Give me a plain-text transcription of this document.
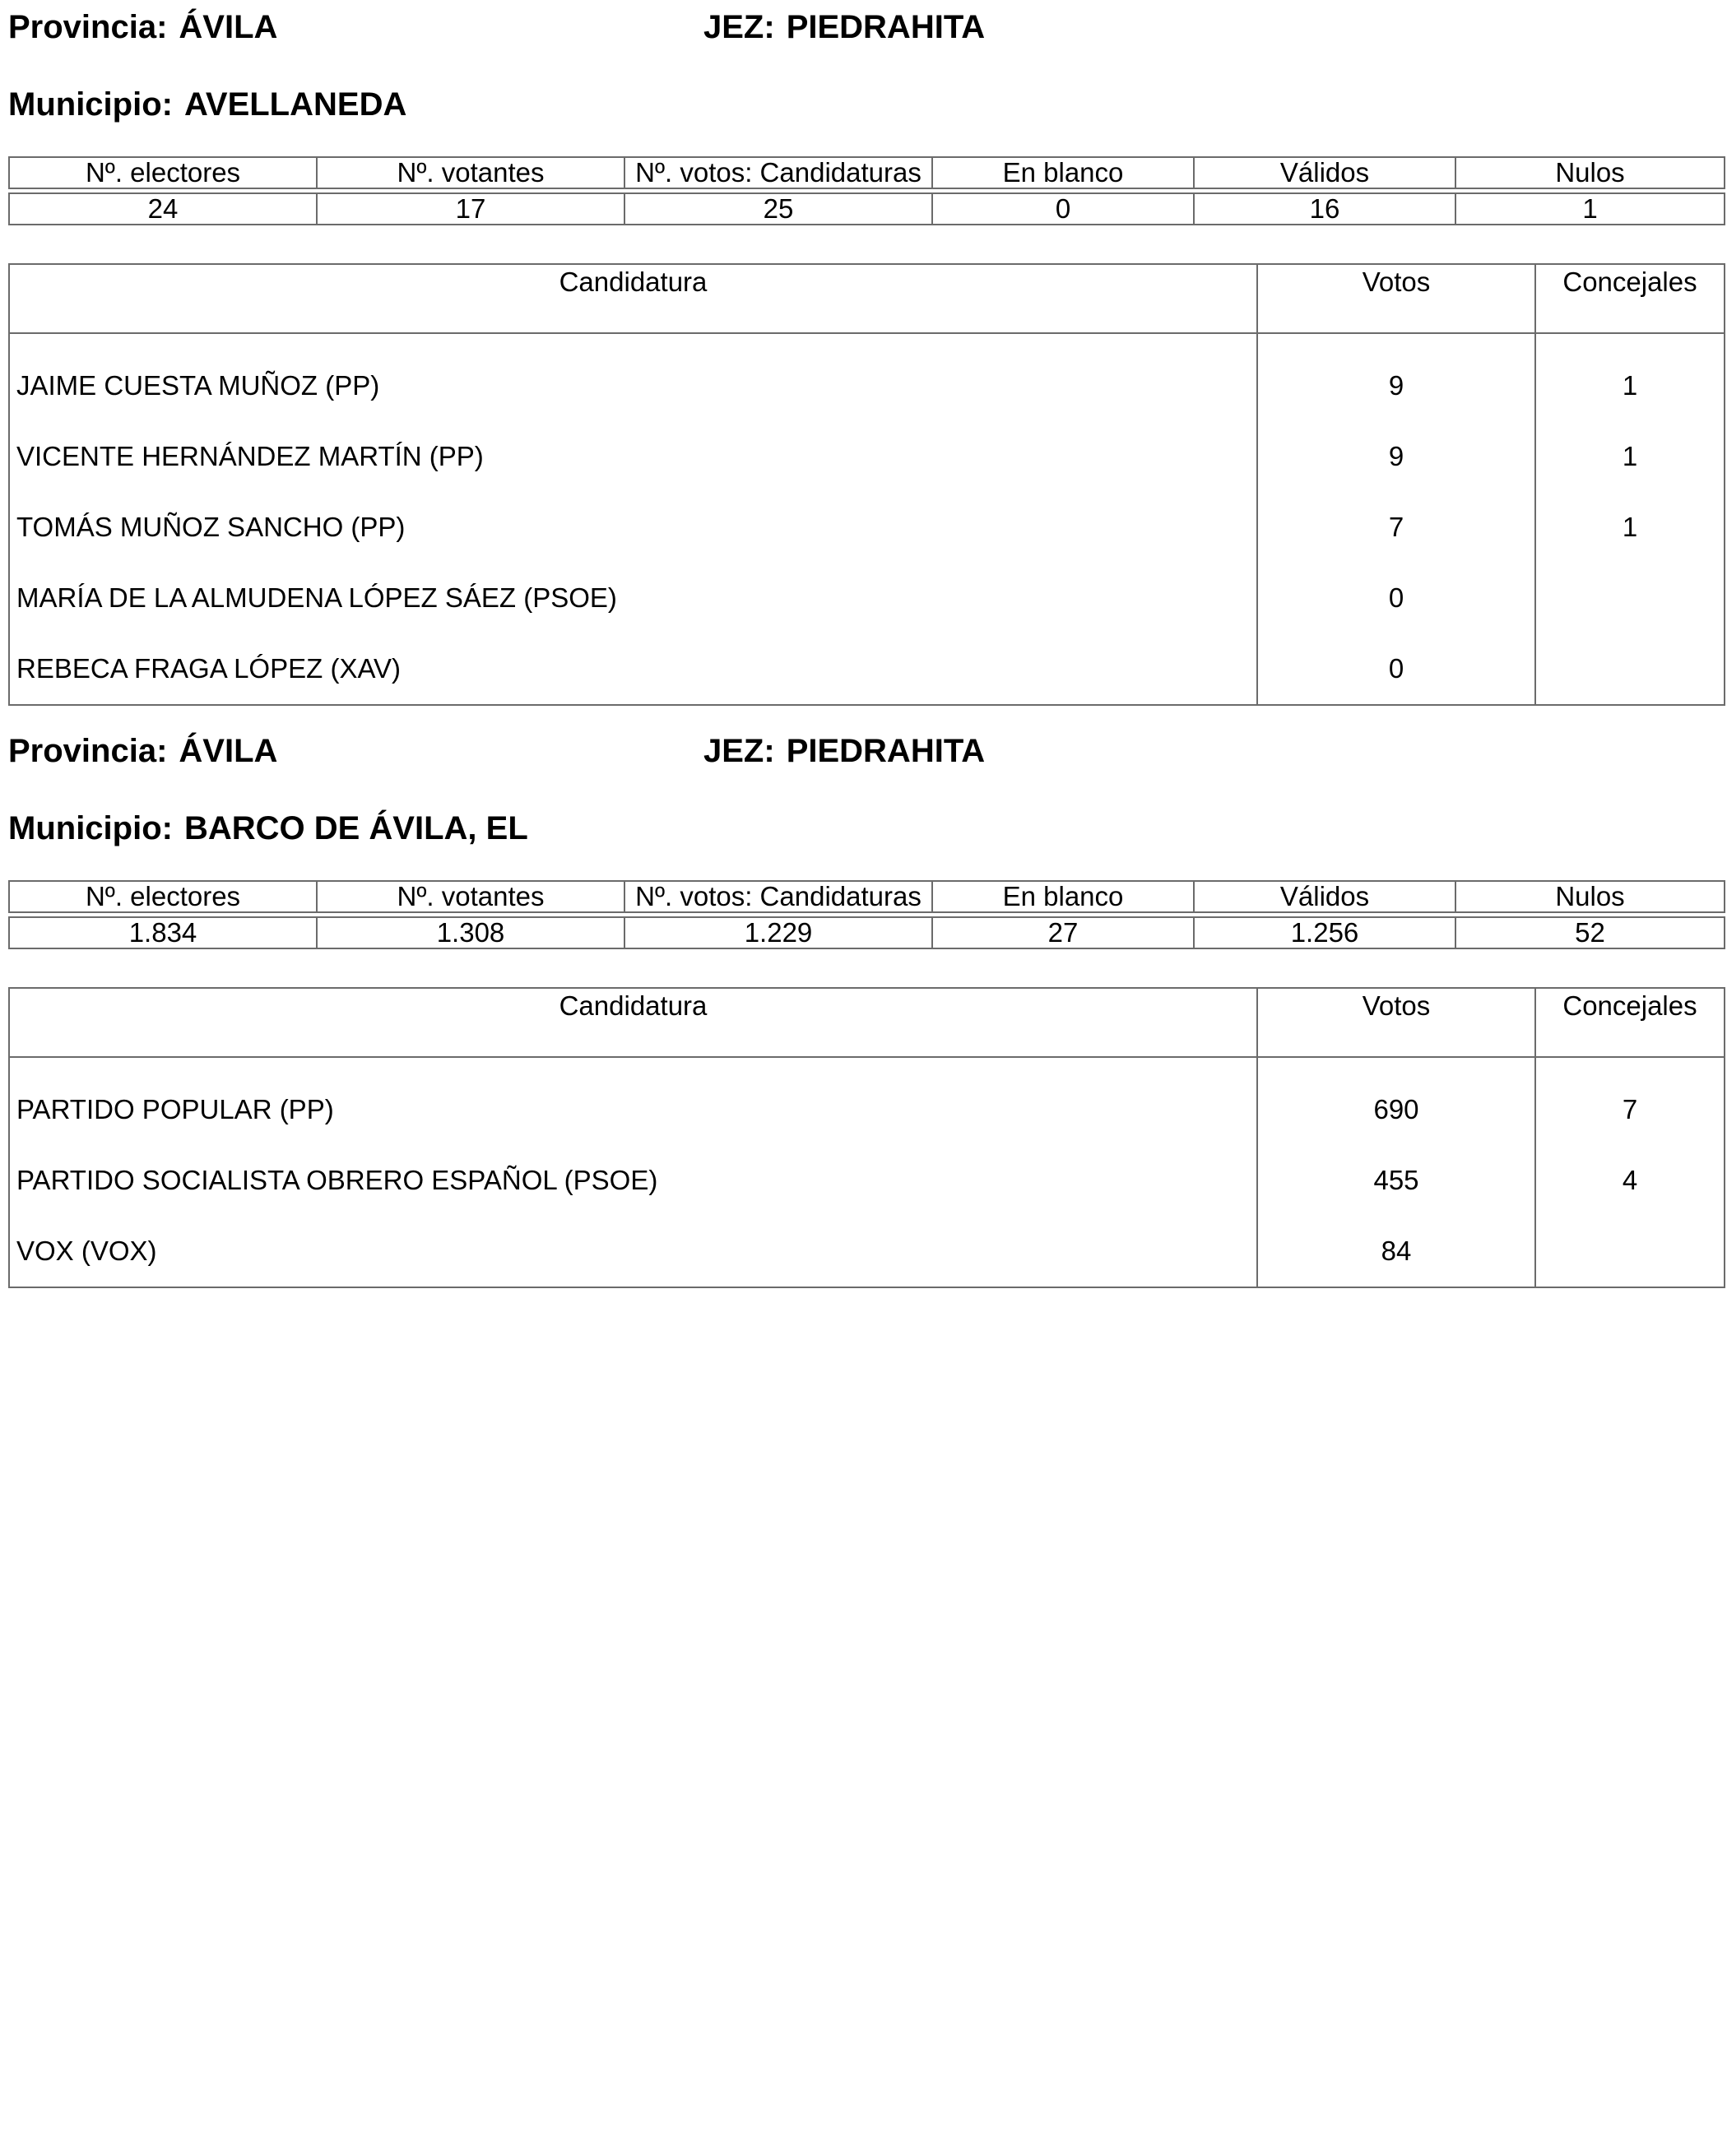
Provincia: ÁVILA	JEZ: PIEDRAHITA
Municipio: AVELLANEDA
Nº. electores	Nº. votantes	Nº. votos: Candidaturas	En blanco	Válidos	Nulos

24	17	25	0	16	1
Candidatura	Votos	Concejales
JAIME CUESTA MUÑOZ (PP)	9	1
VICENTE HERNÁNDEZ MARTÍN (PP)	9	1
TOMÁS MUÑOZ SANCHO (PP)	7	1
MARÍA DE LA ALMUDENA LÓPEZ SÁEZ (PSOE)	0	
REBECA FRAGA LÓPEZ (XAV)	0	
Provincia: ÁVILA	JEZ: PIEDRAHITA
Municipio: BARCO DE ÁVILA, EL
Nº. electores	Nº. votantes	Nº. votos: Candidaturas	En blanco	Válidos	Nulos

1.834	1.308	1.229	27	1.256	52
Candidatura	Votos	Concejales
PARTIDO POPULAR (PP)	690	7
PARTIDO SOCIALISTA OBRERO ESPAÑOL (PSOE)	455	4
VOX (VOX)	84	
